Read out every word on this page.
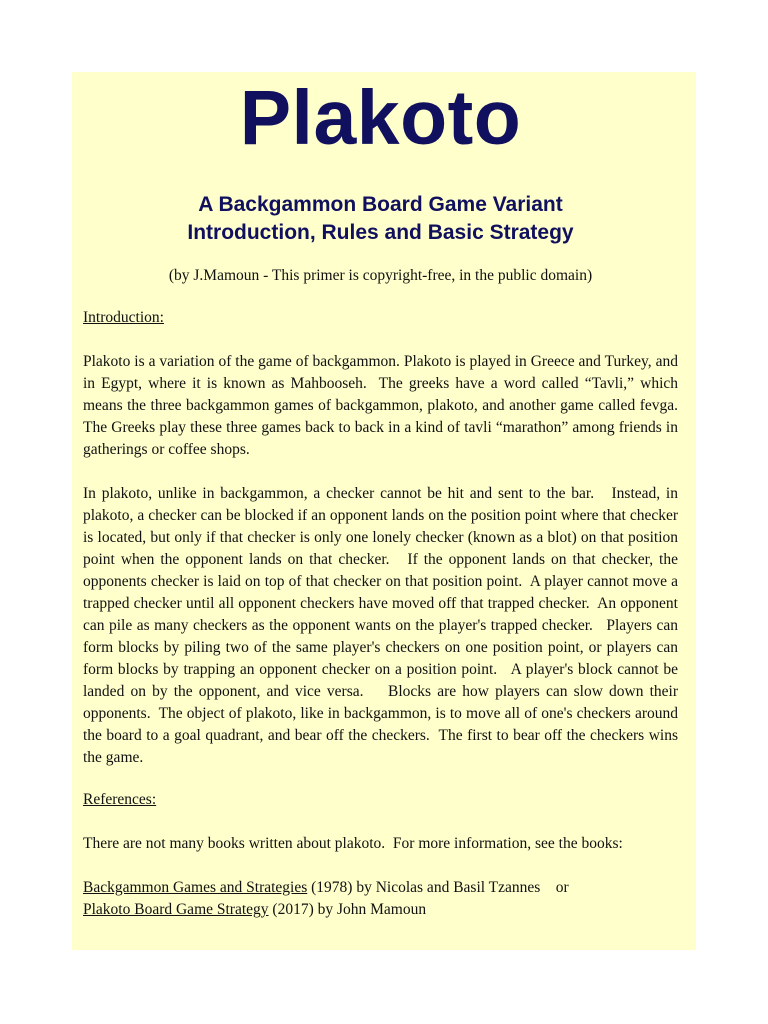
Plakoto
A Backgammon Board Game Variant
Introduction, Rules and Basic Strategy

(by J.Mamoun - This primer is copyright-free, in the public domain)

Introduction:

Plakoto is a variation of the game of backgammon. Plakoto is played in Greece and Turkey, and in Egypt, where it is known as Mahbooseh.  The greeks have a word called “Tavli,” which means the three backgammon games of backgammon, plakoto, and another game called fevga.   The Greeks play these three games back to back in a kind of tavli “marathon” among friends in gatherings or coffee shops.

In plakoto, unlike in backgammon, a checker cannot be hit and sent to the bar.   Instead, in plakoto, a checker can be blocked if an opponent lands on the position point where that checker is located, but only if that checker is only one lonely checker (known as a blot) on that position point when the opponent lands on that checker.   If the opponent lands on that checker, the opponents checker is laid on top of that checker on that position point.  A player cannot move a trapped checker until all opponent checkers have moved off that trapped checker.  An opponent can pile as many checkers as the opponent wants on the player's trapped checker.   Players can form blocks by piling two of the same player's checkers on one position point, or players can form blocks by trapping an opponent checker on a position point.   A player's block cannot be landed on by the opponent, and vice versa.    Blocks are how players can slow down their opponents.  The object of plakoto, like in backgammon, is to move all of one's checkers around the board to a goal quadrant, and bear off the checkers.  The first to bear off the checkers wins the game.

References:

There are not many books written about plakoto.  For more information, see the books:

Backgammon Games and Strategies (1978) by Nicolas and Basil Tzannes    or
Plakoto Board Game Strategy (2017) by John Mamoun
